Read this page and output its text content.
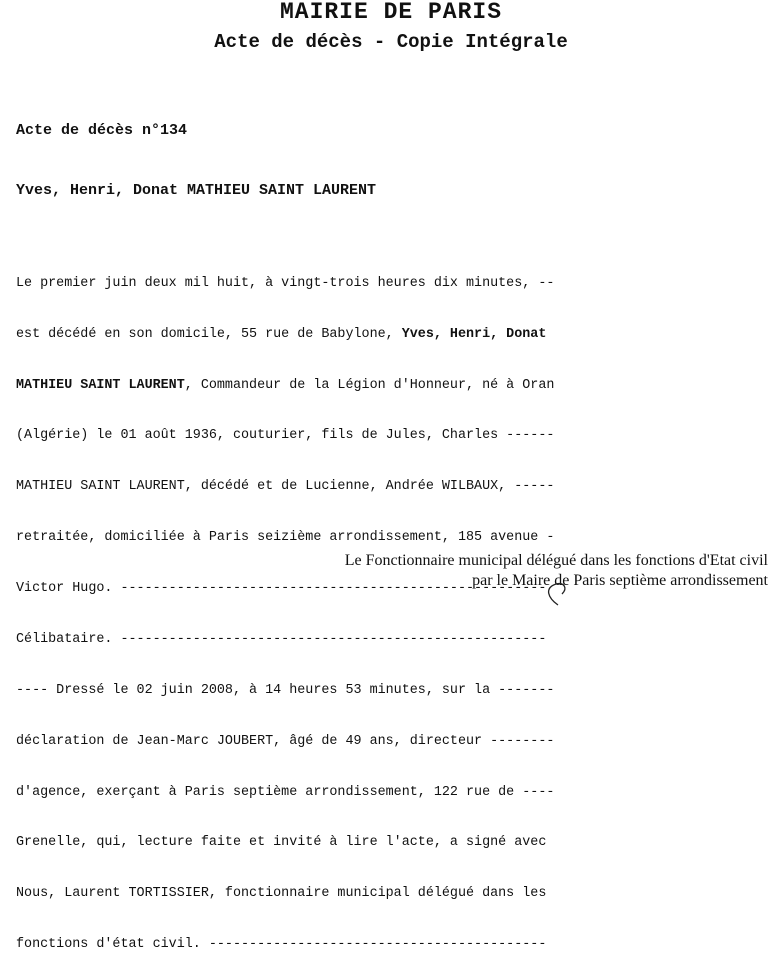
MAIRIE DE PARIS
Acte de décès - Copie Intégrale
Acte de décès n°134
Yves, Henri, Donat MATHIEU SAINT LAURENT

Le premier juin deux mil huit, à vingt-trois heures dix minutes, --

est décédé en son domicile, 55 rue de Babylone, Yves, Henri, Donat

MATHIEU SAINT LAURENT, Commandeur de la Légion d'Honneur, né à Oran

(Algérie) le 01 août 1936, couturier, fils de Jules, Charles ------

MATHIEU SAINT LAURENT, décédé et de Lucienne, Andrée WILBAUX, -----

retraitée, domiciliée à Paris seizième arrondissement, 185 avenue -

Victor Hugo. -----------------------------------------------------

Célibataire. -----------------------------------------------------

---- Dressé le 02 juin 2008, à 14 heures 53 minutes, sur la -------

déclaration de Jean-Marc JOUBERT, âgé de 49 ans, directeur --------

d'agence, exerçant à Paris septième arrondissement, 122 rue de ----

Grenelle, qui, lecture faite et invité à lire l'acte, a signé avec

Nous, Laurent TORTISSIER, fonctionnaire municipal délégué dans les

fonctions d'état civil. ------------------------------------------

Le Fonctionnaire municipal délégué dans les fonctions d'Etat civil
par le Maire de Paris septième arrondissement
